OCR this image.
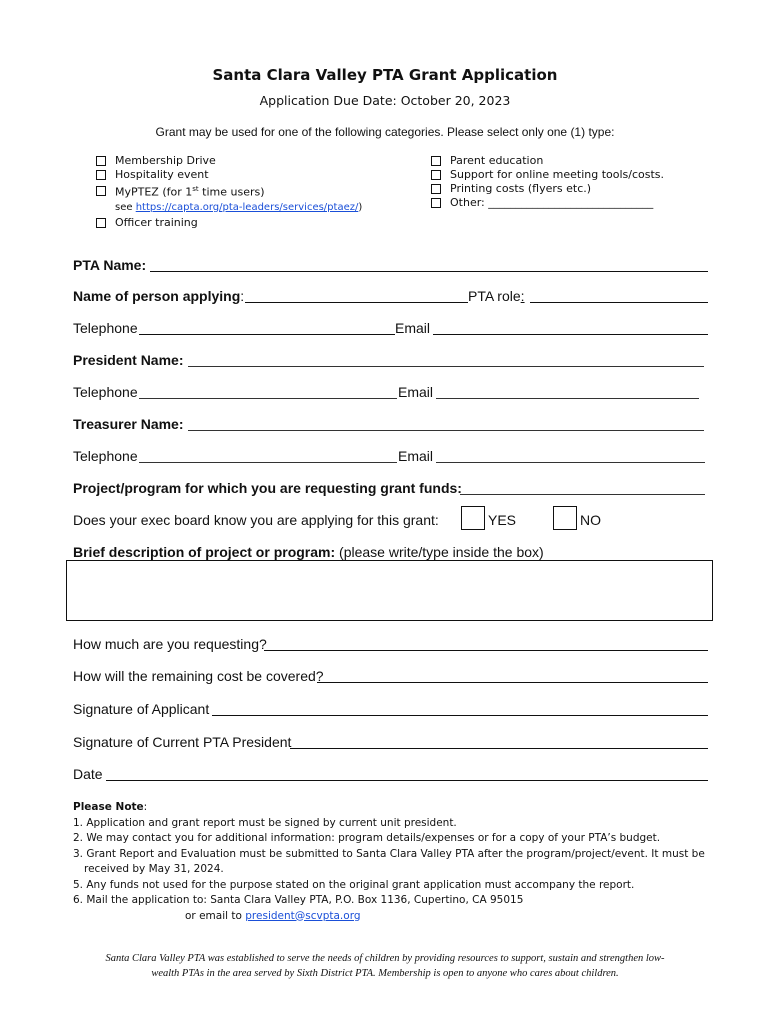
Santa Clara Valley PTA Grant Application
Application Due Date: October 20, 2023
Grant may be used for one of the following categories. Please select only one (1) type:
Membership Drive
Hospitality event
MyPTEZ (for 1st time users)
see https://capta.org/pta-leaders/services/ptaez/)
Officer training
Parent education
Support for online meeting tools/costs.
Printing costs (flyers etc.)
Other: ______________________________
PTA Name:
Name of person applying:	PTA role:
Telephone	Email
President Name:
Telephone	Email
Treasurer Name:
Telephone	Email
Project/program for which you are requesting grant funds:
Does your exec board know you are applying for this grant:	YES	NO
Brief description of project or program: (please write/type inside the box)
How much are you requesting?
How will the remaining cost be covered?
Signature of Applicant
Signature of Current PTA President
Date
Please Note:
1. Application and grant report must be signed by current unit president.
2. We may contact you for additional information: program details/expenses or for a copy of your PTA’s budget.
3. Grant Report and Evaluation must be submitted to Santa Clara Valley PTA after the program/project/event. It must be
received by May 31, 2024.
5. Any funds not used for the purpose stated on the original grant application must accompany the report.
6. Mail the application to: Santa Clara Valley PTA, P.O. Box 1136, Cupertino, CA 95015
or email to president@scvpta.org
Santa Clara Valley PTA was established to serve the needs of children by providing resources to support, sustain and strengthen low-
wealth PTAs in the area served by Sixth District PTA. Membership is open to anyone who cares about children.
